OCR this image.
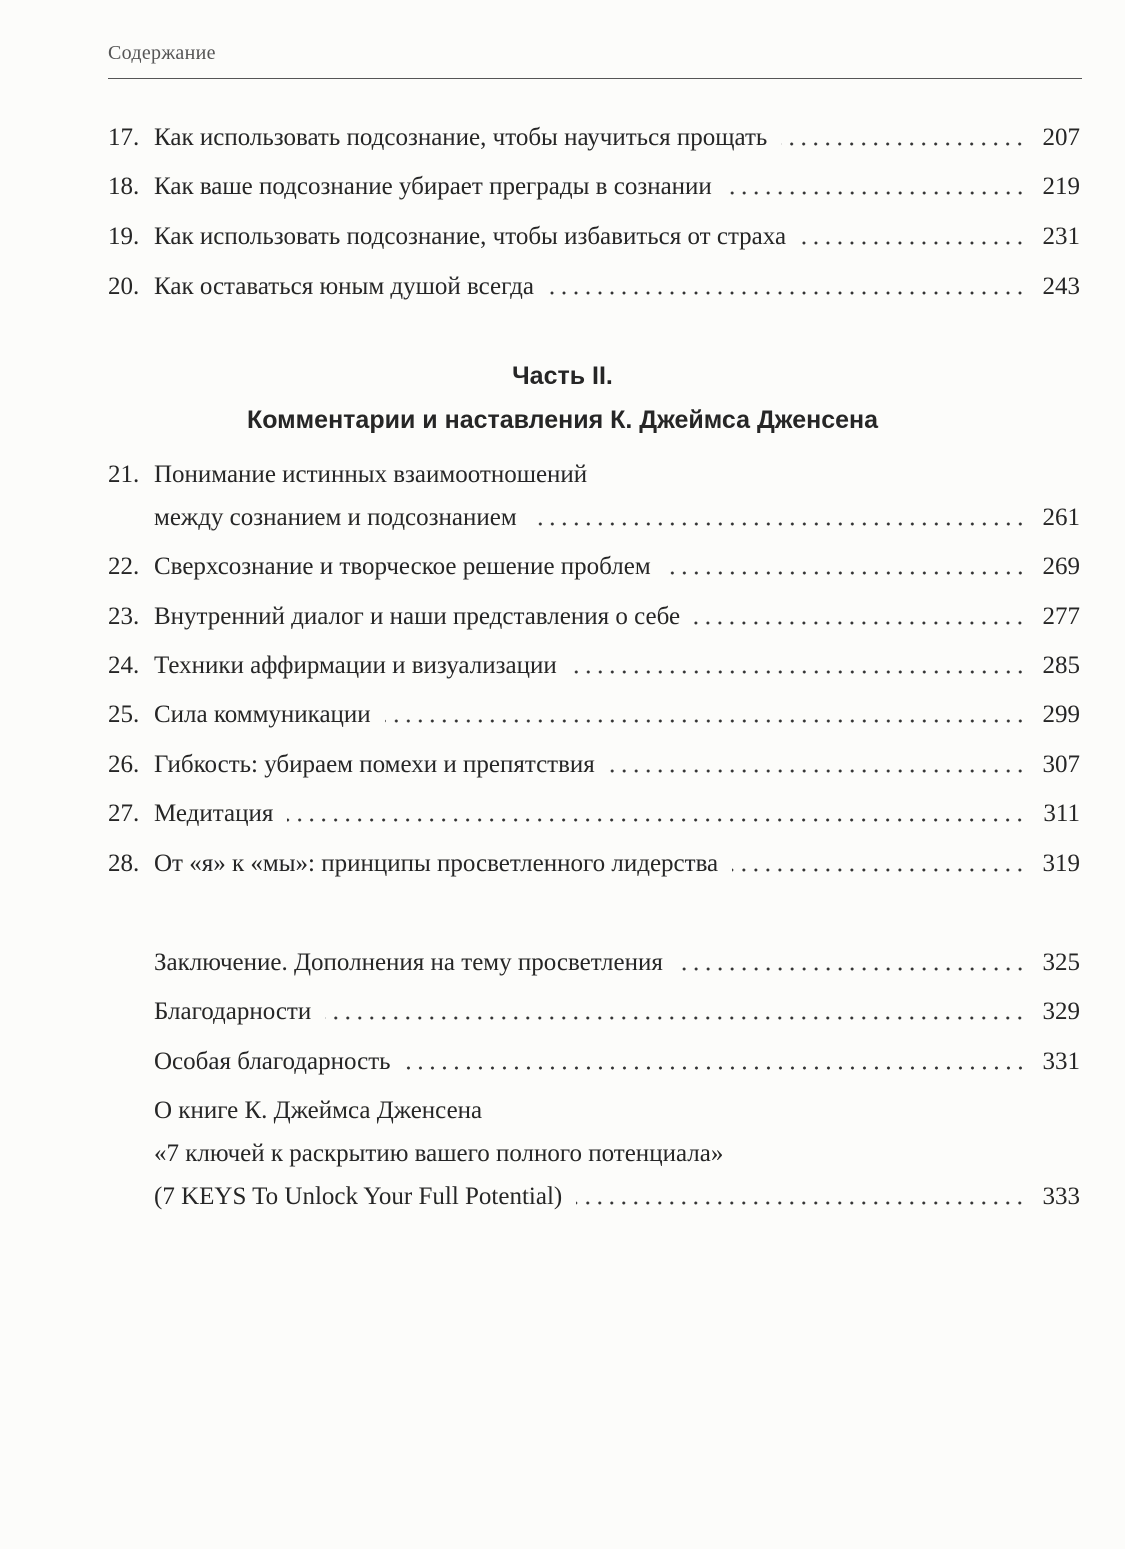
Содержание
17. Как использовать подсознание, чтобы научиться прощать	207
18. Как ваше подсознание убирает преграды в сознании	219
19. Как использовать подсознание, чтобы избавиться от страха	231
20. Как оставаться юным душой всегда	243
Часть II.
Комментарии и наставления К. Джеймса Дженсена
21. Понимание истинных взаимоотношений
между сознанием и подсознанием	261
22. Сверхсознание и творческое решение проблем	269
23. Внутренний диалог и наши представления о себе	277
24. Техники аффирмации и визуализации	285
25. Сила коммуникации	299
26. Гибкость: убираем помехи и препятствия	307
27. Медитация	311
28. От «я» к «мы»: принципы просветленного лидерства	319
Заключение. Дополнения на тему просветления	325
Благодарности	329
Особая благодарность	331
О книге К. Джеймса Дженсена
«7 ключей к раскрытию вашего полного потенциала»
(7 KEYS To Unlock Your Full Potential)	333
